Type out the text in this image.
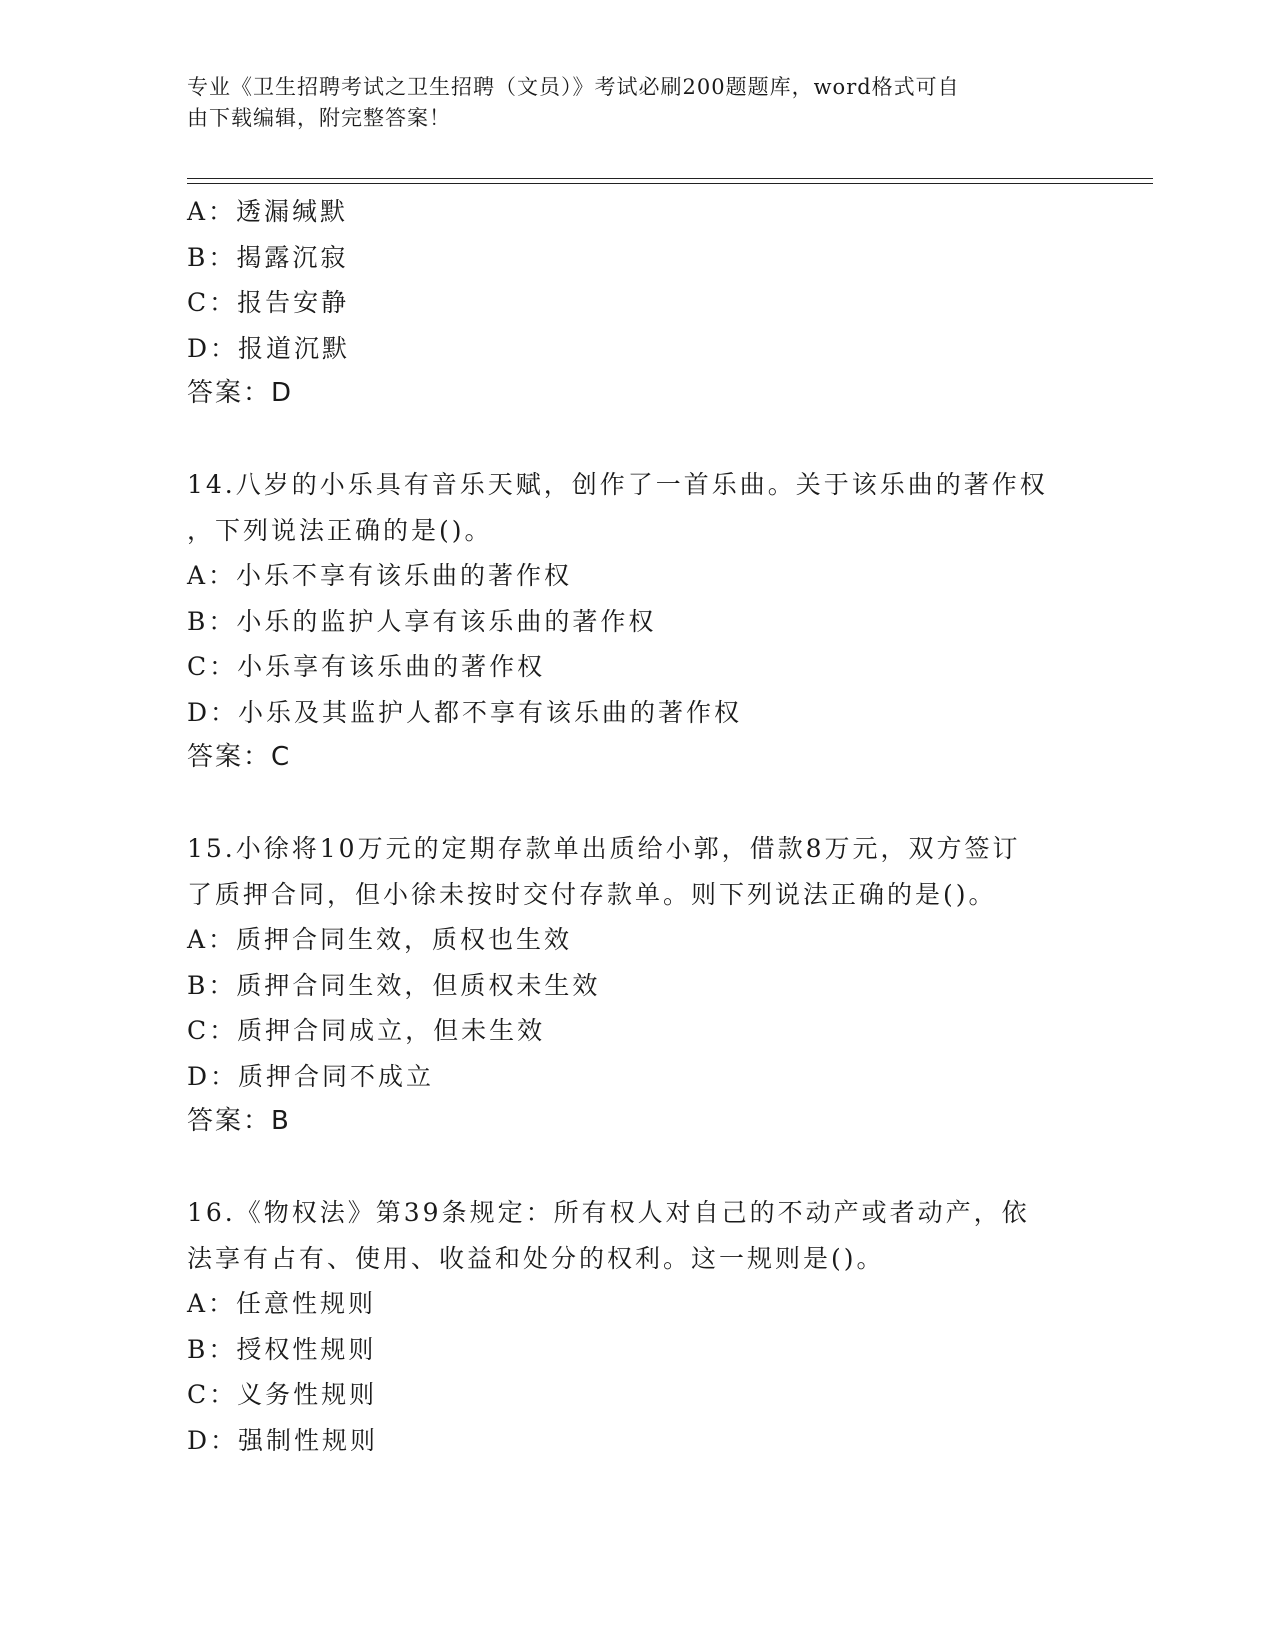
专业《卫生招聘考试之卫生招聘（文员）》考试必刷200题题库，word格式可自
由下载编辑，附完整答案！
A：透漏缄默
B：揭露沉寂
C：报告安静
D：报道沉默
答案：D
14.八岁的小乐具有音乐天赋，创作了一首乐曲。关于该乐曲的著作权
，下列说法正确的是()。
A：小乐不享有该乐曲的著作权
B：小乐的监护人享有该乐曲的著作权
C：小乐享有该乐曲的著作权
D：小乐及其监护人都不享有该乐曲的著作权
答案：C
15.小徐将10万元的定期存款单出质给小郭，借款8万元，双方签订
了质押合同，但小徐未按时交付存款单。则下列说法正确的是()。
A：质押合同生效，质权也生效
B：质押合同生效，但质权未生效
C：质押合同成立，但未生效
D：质押合同不成立
答案：B
16.《物权法》第39条规定：所有权人对自己的不动产或者动产，依
法享有占有、使用、收益和处分的权利。这一规则是()。
A：任意性规则
B：授权性规则
C：义务性规则
D：强制性规则
